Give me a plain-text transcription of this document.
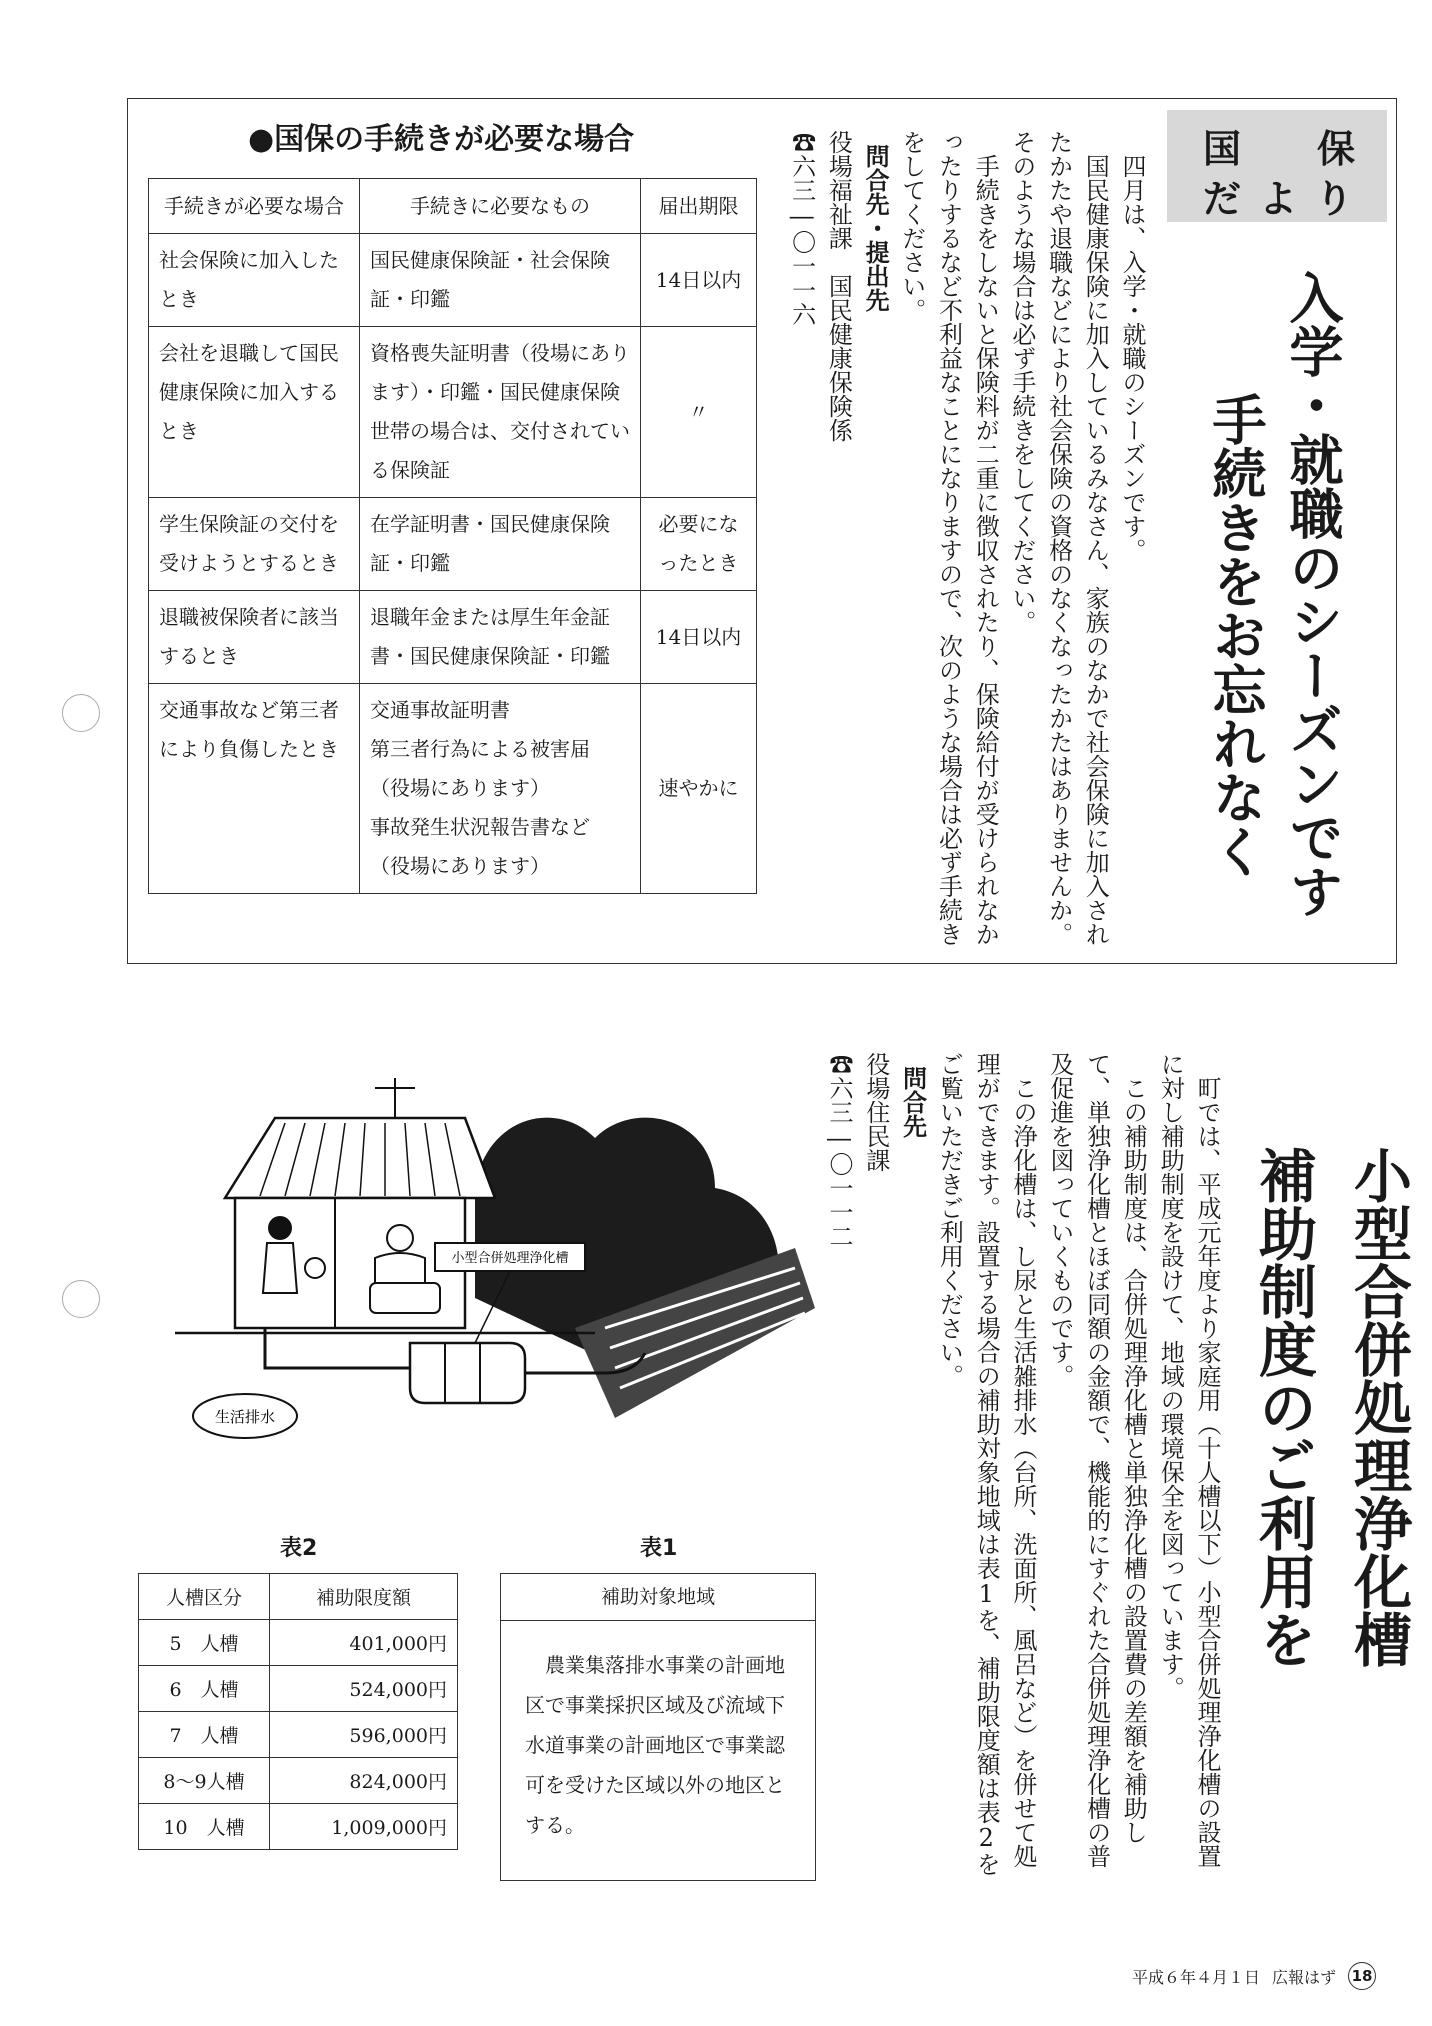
国 保
だより
入学・就職のシーズンです
手続きをお忘れなく

四月は、入学・就職のシーズンです。

国民健康保険に加入しているみなさん、家族のなかで社会保険に加入されたかたや退職などにより社会保険の資格のなくなったかたはありませんか。そのような場合は必ず手続きをしてください。

手続きをしないと保険料が二重に徴収されたり、保険給付が受けられなかったりするなど不利益なことになりますので、次のような場合は必ず手続きをしてください。

問合先・提出先

役場福祉課　国民健康保険係

☎六三―〇一一六

●国保の手続きが必要な場合
手続きが必要な場合	手続きに必要なもの	届出期限
社会保険に加入したとき	国民健康保険証・社会保険証・印鑑	14日以内
会社を退職して国民健康保険に加入するとき	資格喪失証明書（役場にあります）・印鑑・国民健康保険世帯の場合は、交付されている保険証	〃
学生保険証の交付を受けようとするとき	在学証明書・国民健康保険証・印鑑	必要になったとき
退職被保険者に該当するとき	退職年金または厚生年金証書・国民健康保険証・印鑑	14日以内
交通事故など第三者により負傷したとき	交通事故証明書
第三者行為による被害届
（役場にあります）
事故発生状況報告書など
（役場にあります）	速やかに
小型合併処理浄化槽
補助制度のご利用を

町では、平成元年度より家庭用（十人槽以下）小型合併処理浄化槽の設置に対し補助制度を設けて、地域の環境保全を図っています。

この補助制度は、合併処理浄化槽と単独浄化槽の設置費の差額を補助して、単独浄化槽とほぼ同額の金額で、機能的にすぐれた合併処理浄化槽の普及促進を図っていくものです。

この浄化槽は、し尿と生活雑排水（台所、洗面所、風呂など）を併せて処理ができます。設置する場合の補助対象地域は表1を、補助限度額は表2をご覧いただきご利用ください。

問合先

役場住民課

☎六三―〇一一二

小型合併処理浄化槽
生活排水
表2	表1
人槽区分	補助限度額
5　人槽	401,000円
6　人槽	524,000円
7　人槽	596,000円
8～9人槽	824,000円
10　人槽	1,009,000円
補助対象地域
農業集落排水事業の計画地区で事業採択区域及び流域下水道事業の計画地区で事業認可を受けた区域以外の地区とする。
平成６年４月１日 広報はず 18
